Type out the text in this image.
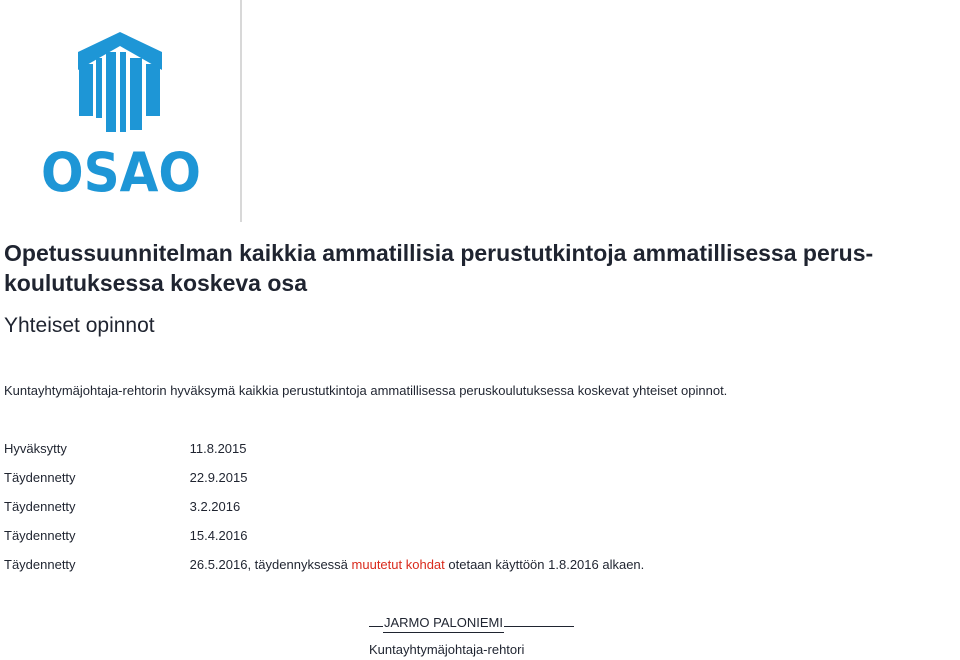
OSAO
Opetussuunnitelman kaikkia ammatillisia perustutkintoja ammatillisessa perus-koulutuksessa koskeva osa
Yhteiset opinnot

Kuntayhtymäjohtaja-rehtorin hyväksymä kaikkia perustutkintoja ammatillisessa peruskoulutuksessa koskevat yhteiset opinnot.

Hyväksytty	11.8.2015
Täydennetty	22.9.2015
Täydennetty	3.2.2016
Täydennetty	15.4.2016
Täydennetty	26.5.2016, täydennyksessä muutetut kohdat otetaan käyttöön 1.8.2016 alkaen.
JARMO PALONIEMI
Kuntayhtymäjohtaja-rehtori
